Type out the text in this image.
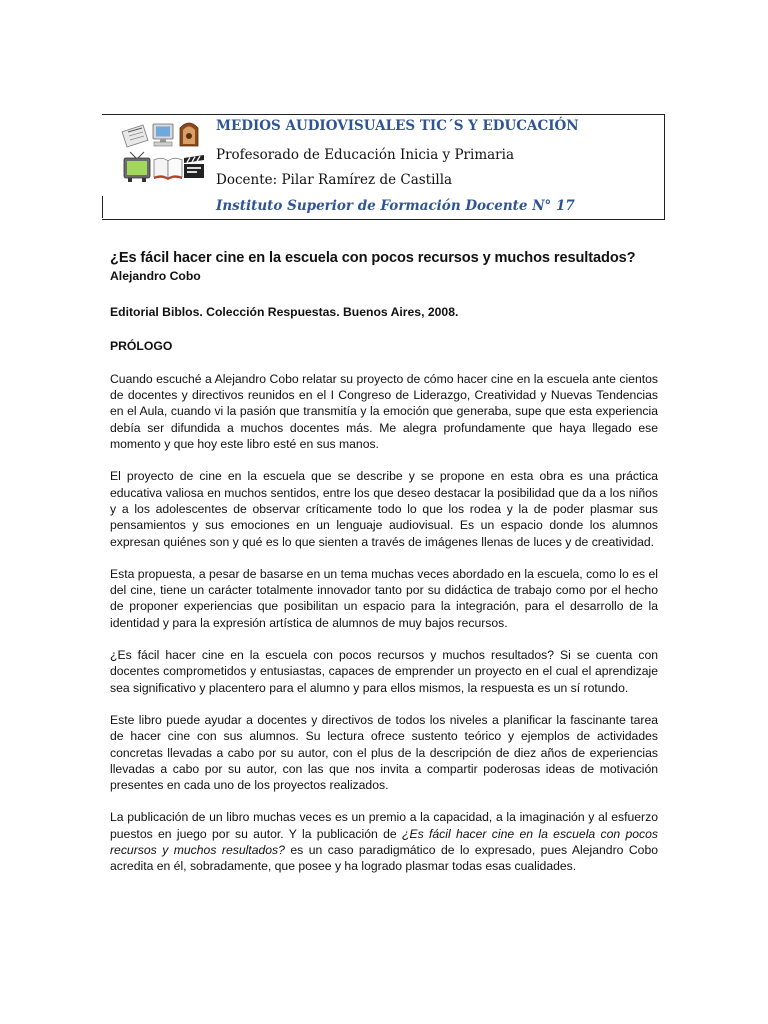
MEDIOS AUDIOVISUALES TIC´S Y EDUCACIÓN
Profesorado de Educación Inicia y Primaria
Docente: Pilar Ramírez de Castilla
Instituto Superior de Formación Docente N° 17
¿Es fácil hacer cine en la escuela con pocos recursos y muchos resultados?
Alejandro Cobo
Editorial Biblos. Colección Respuestas. Buenos Aires, 2008.
PRÓLOGO

Cuando escuché a Alejandro Cobo relatar su proyecto de cómo hacer cine en la escuela ante cientos de docentes y directivos reunidos en el I Congreso de Liderazgo, Creatividad y Nuevas Tendencias en el Aula, cuando vi la pasión que transmitía y la emoción que generaba, supe que esta experiencia debía ser difundida a muchos docentes más. Me alegra profundamente que haya llegado ese momento y que hoy este libro esté en sus manos.

El proyecto de cine en la escuela que se describe y se propone en esta obra es una práctica educativa valiosa en muchos sentidos, entre los que deseo destacar la posibilidad que da a los niños y a los adolescentes de observar críticamente todo lo que los rodea y la de poder plasmar sus pensamientos y sus emociones en un lenguaje audiovisual. Es un espacio donde los alumnos expresan quiénes son y qué es lo que sienten a través de imágenes llenas de luces y de creatividad.

Esta propuesta, a pesar de basarse en un tema muchas veces abordado en la escuela, como lo es el del cine, tiene un carácter totalmente innovador tanto por su didáctica de trabajo como por el hecho de proponer experiencias que posibilitan un espacio para la integración, para el desarrollo de la identidad y para la expresión artística de alumnos de muy bajos recursos.

¿Es fácil hacer cine en la escuela con pocos recursos y muchos resultados? Si se cuenta con docentes comprometidos y entusiastas, capaces de emprender un proyecto en el cual el aprendizaje sea significativo y placentero para el alumno y para ellos mismos, la respuesta es un sí rotundo.

Este libro puede ayudar a docentes y directivos de todos los niveles a planificar la fascinante tarea de hacer cine con sus alumnos. Su lectura ofrece sustento teórico y ejemplos de actividades concretas llevadas a cabo por su autor, con el plus de la descripción de diez años de experiencias llevadas a cabo por su autor, con las que nos invita a compartir poderosas ideas de motivación presentes en cada uno de los proyectos realizados.

La publicación de un libro muchas veces es un premio a la capacidad, a la imaginación y al esfuerzo puestos en juego por su autor. Y la publicación de ¿Es fácil hacer cine en la escuela con pocos recursos y muchos resultados? es un caso paradigmático de lo expresado, pues Alejandro Cobo acredita en él, sobradamente, que posee y ha logrado plasmar todas esas cualidades.
